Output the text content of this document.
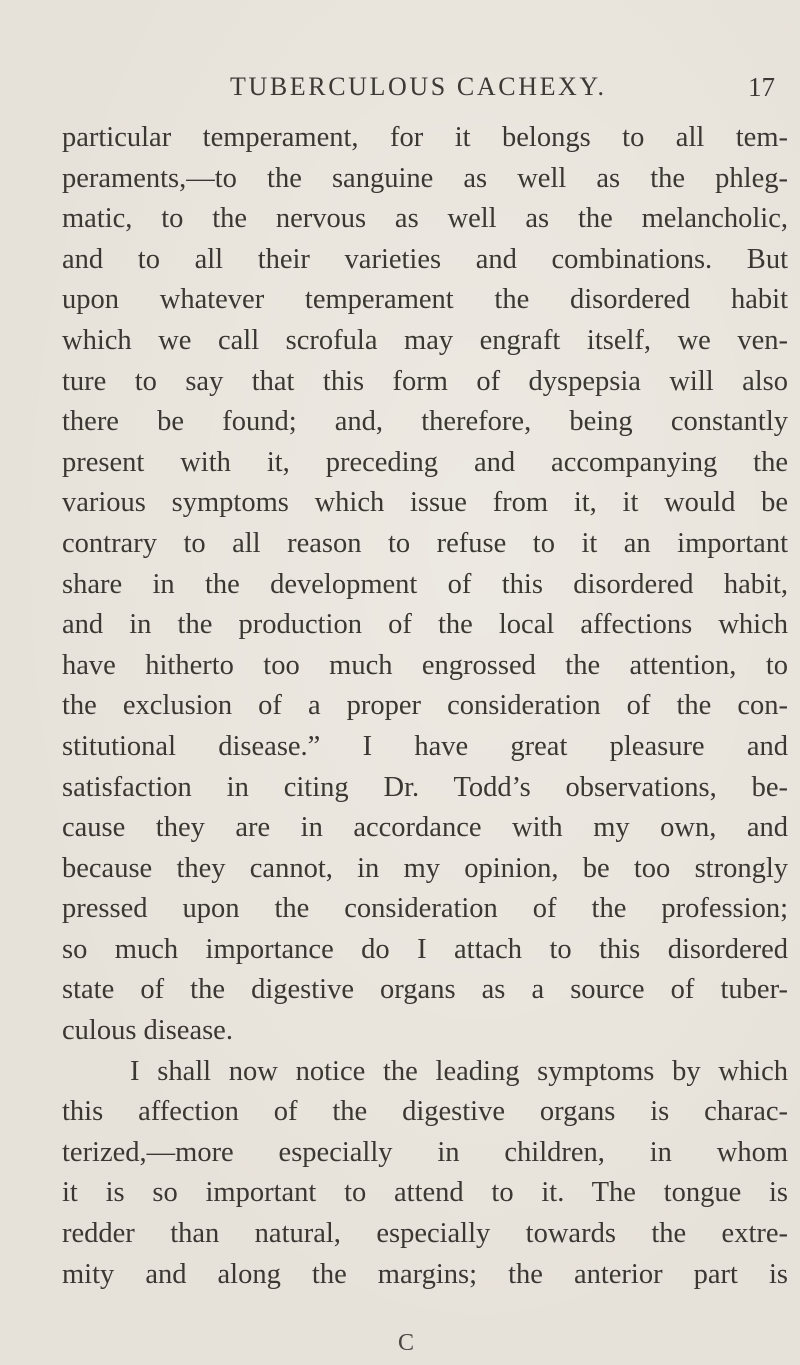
TUBERCULOUS CACHEXY.	17
particular temperament, for it belongs to all tem-
peraments,—to the sanguine as well as the phleg-
matic, to the nervous as well as the melancholic,
and to all their varieties and combinations. But
upon whatever temperament the disordered habit
which we call scrofula may engraft itself, we ven-
ture to say that this form of dyspepsia will also
there be found; and, therefore, being constantly
present with it, preceding and accompanying the
various symptoms which issue from it, it would be
contrary to all reason to refuse to it an important
share in the development of this disordered habit,
and in the production of the local affections which
have hitherto too much engrossed the attention, to
the exclusion of a proper consideration of the con-
stitutional disease.” I have great pleasure and
satisfaction in citing Dr. Todd’s observations, be-
cause they are in accordance with my own, and
because they cannot, in my opinion, be too strongly
pressed upon the consideration of the profession;
so much importance do I attach to this disordered
state of the digestive organs as a source of tuber-
culous disease.
I shall now notice the leading symptoms by which
this affection of the digestive organs is charac-
terized,—more especially in children, in whom
it is so important to attend to it. The tongue is
redder than natural, especially towards the extre-
mity and along the margins; the anterior part is
C
